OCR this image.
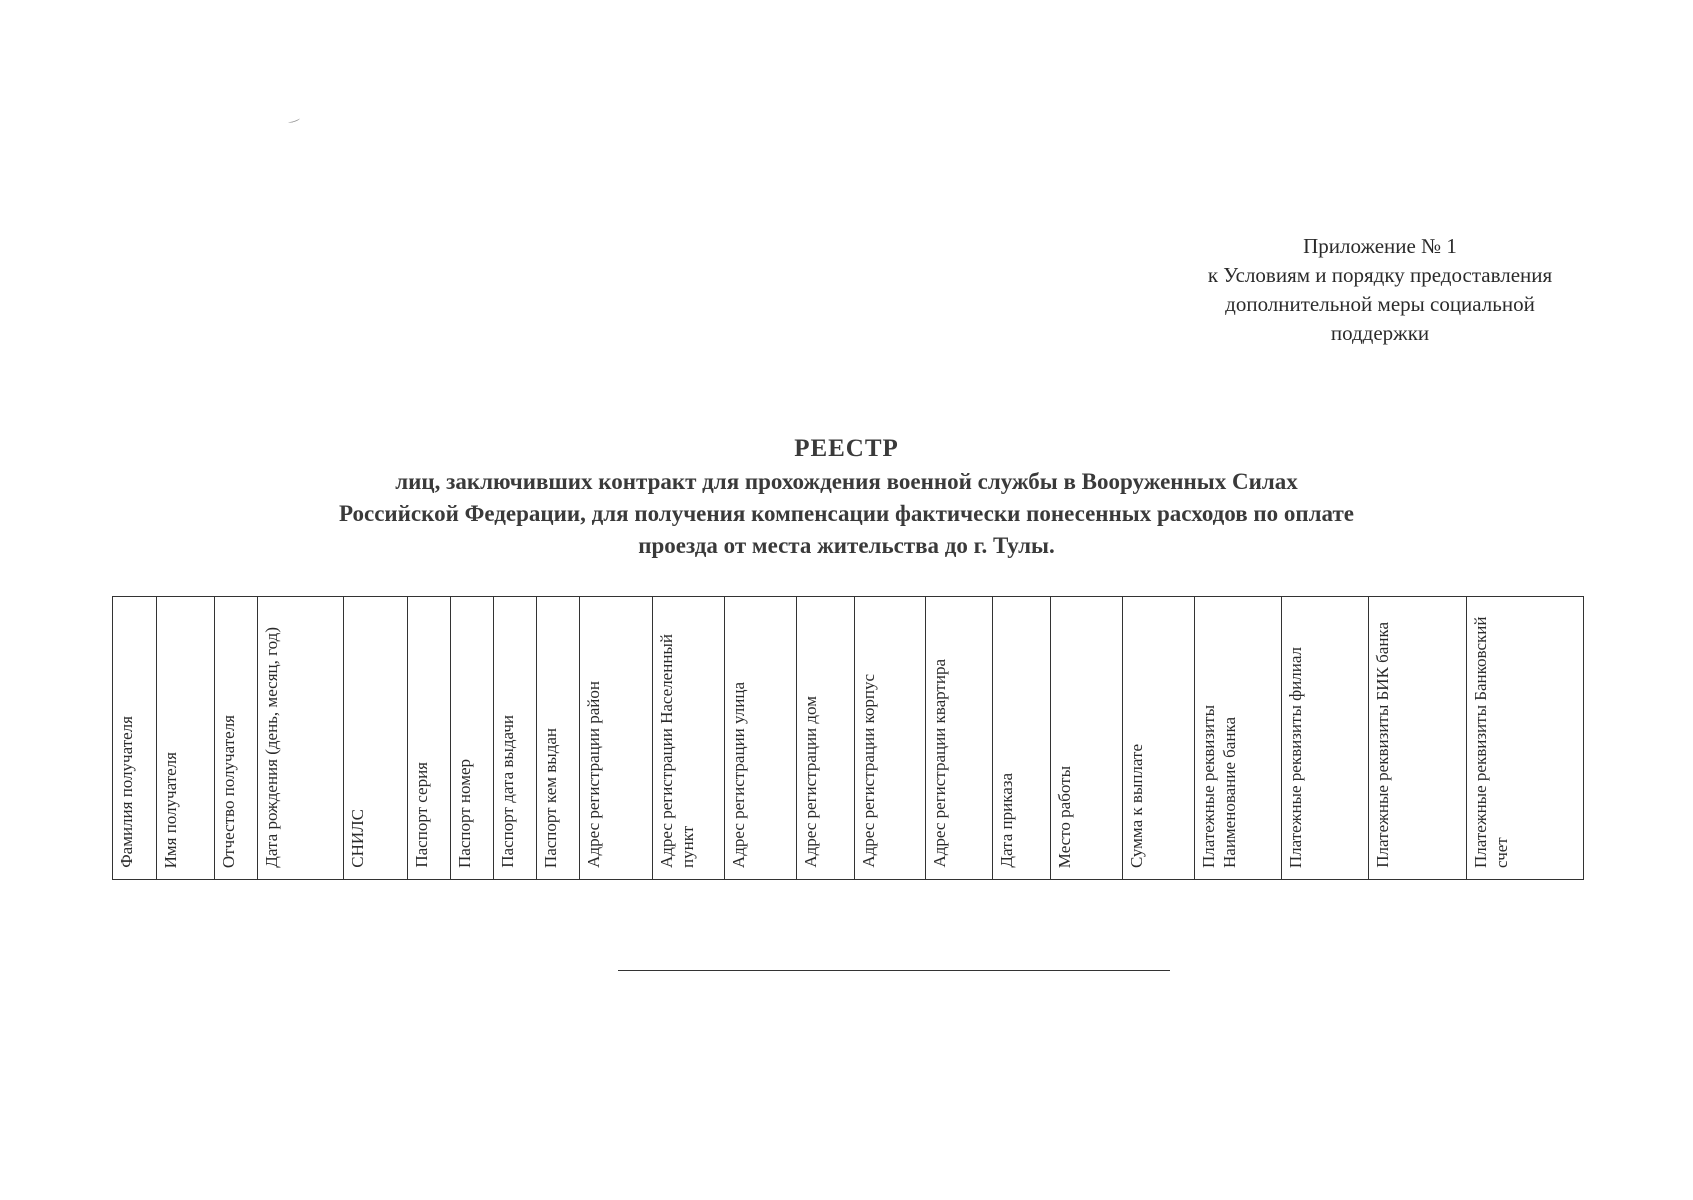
Приложение № 1
к Условиям и порядку предоставления
дополнительной меры социальной
поддержки
РЕЕСТР
лиц, заключивших контракт для прохождения военной службы в Вооруженных Силах
Российской Федерации, для получения компенсации фактически понесенных расходов по оплате
проезда от места жительства до г. Тулы.
Фамилия получателя	Имя получателя	Отчество получателя	Дата рождения (день, месяц, год)	СНИЛС	Паспорт серия	Паспорт номер	Паспорт дата выдачи	Паспорт кем выдан	Адрес регистрации район	Адрес регистрации Населенный пункт	Адрес регистрации улица	Адрес регистрации дом	Адрес регистрации корпус	Адрес регистрации квартира	Дата приказа	Место работы	Сумма к выплате	Платежные реквизиты Наименование банка	Платежные реквизиты филиал	Платежные реквизиты БИК банка	Платежные реквизиты Банковский счет
